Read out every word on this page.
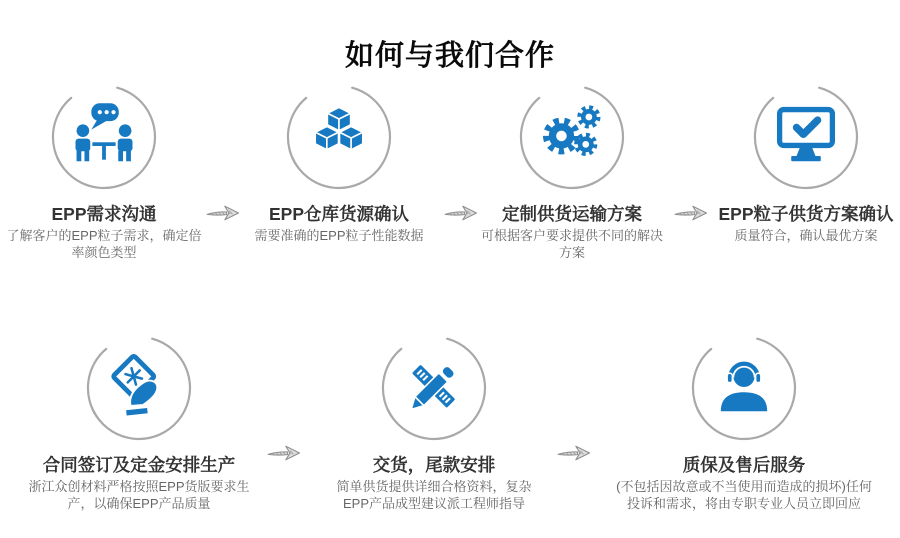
如何与我们合作
EPP需求沟通
了解客户的EPP粒子需求，确定倍率颜色类型
EPP仓库货源确认
需要准确的EPP粒子性能数据
定制供货运输方案
可根据客户要求提供不同的解决方案
EPP粒子供货方案确认
质量符合，确认最优方案
合同签订及定金安排生产
浙江众创材料严格按照EPP货版要求生产，以确保EPP产品质量
交货，尾款安排
简单供货提供详细合格资料，复杂EPP产品成型建议派工程师指导
质保及售后服务
(不包括因故意或不当使用而造成的损坏)任何投诉和需求，将由专职专业人员立即回应
